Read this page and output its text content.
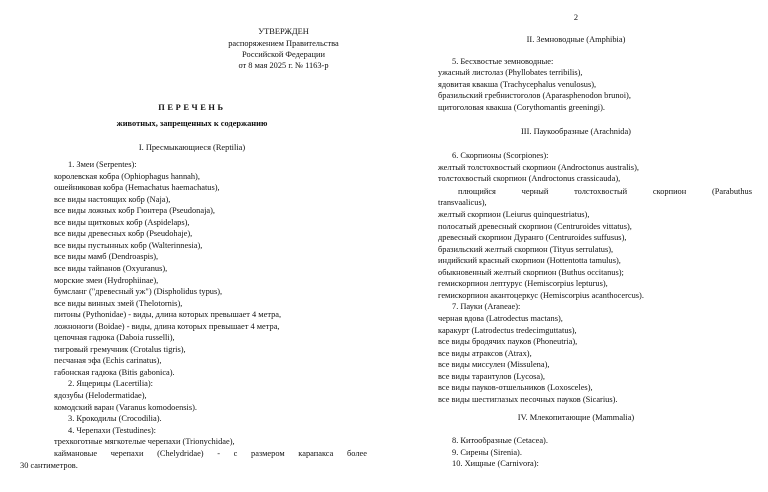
УТВЕРЖДЕН
распоряжением Правительства
Российской Федерации
от 8 мая 2025 г. № 1163-р
ПЕРЕЧЕНЬ
животных, запрещенных к содержанию
I. Пресмыкающиеся (Reptilia)
1. Змеи (Serpentes):
королевская кобра (Ophiophagus hannah),
ошейниковая кобра (Hemachatus haemachatus),
все виды настоящих кобр (Naja),
все виды ложных кобр Гюнтера (Pseudonaja),
все виды щитковых кобр (Aspidelaps),
все виды древесных кобр (Pseudohaje),
все виды пустынных кобр (Walterinnesia),
все виды мамб (Dendroaspis),
все виды тайпанов (Oxyuranus),
морские змеи (Hydrophiinae),
бумсланг ("древесный уж") (Dispholidus typus),
все виды винных змей (Thelotornis),
питоны (Pythonidae) - виды, длина которых превышает 4 метра,
ложноноги (Boidae) - виды, длина которых превышает 4 метра,
цепочная гадюка (Daboia russelli),
тигровый гремучник (Crotalus tigris),
песчаная эфа (Echis carinatus),
габонская гадюка (Bitis gabonica).
2. Ящерицы (Lacertilia):
ядозубы (Helodermatidae),
комодский варан (Varanus komodoensis).
3. Крокодилы (Crocodilia).
4. Черепахи (Testudines):
трехкоготные мягкотелые черепахи (Trionychidae),
каймановые черепахи (Chelydridae) - с размером карапакса более
30 сантиметров.
2
II. Земноводные (Amphibia)
5. Бесхвостые земноводные:
ужасный листолаз (Phyllobates terribilis),
ядовитая квакша (Trachycephalus venulosus),
бразильский гребнистоголов (Aparasphenodon brunoi),
щитоголовая квакша (Corythomantis greeningi).
III. Паукообразные (Arachnida)
6. Скорпионы (Scorpiones):
желтый толстохвостый скорпион (Androctonus australis),
толстохвостый скорпион (Androctonus crassicauda),
плющийся	черный	толстохвостый	скорпион	(Parabuthus
transvaalicus),
желтый скорпион (Leiurus quinquestriatus),
полосатый древесный скорпион (Centruroides vittatus),
древесный скорпион Дуранго (Centruroides suffusus),
бразильский желтый скорпион (Tityus serrulatus),
индийский красный скорпион (Hottentotta tamulus),
обыкновенный желтый скорпион (Buthus occitanus);
гемискорпион лептурус (Hemiscorpius lepturus),
гемискорпион акантоцеркус (Hemiscorpius acanthocercus).
7. Пауки (Araneae):
черная вдова (Latrodectus mactans),
каракурт (Latrodectus tredecimguttatus),
все виды бродячих пауков (Phoneutria),
все виды атраксов (Atrax),
все виды миссулен (Missulena),
все виды тарантулов (Lycosa),
все виды пауков-отшельников (Loxosceles),
все виды шестиглазых песочных пауков (Sicarius).
IV. Млекопитающие (Mammalia)
8. Китообразные (Cetacea).
9. Сирены (Sirenia).
10. Хищные (Carnivora):
